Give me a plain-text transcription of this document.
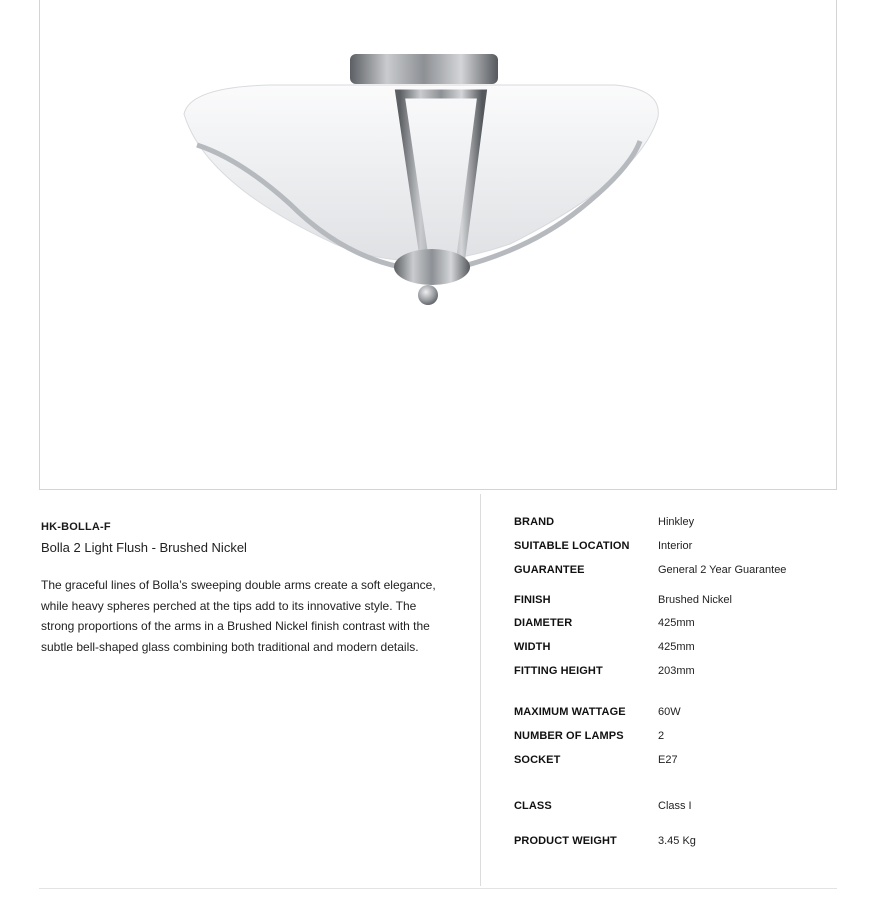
HK-BOLLA-F
Bolla 2 Light Flush - Brushed Nickel
The graceful lines of Bolla’s sweeping double arms create a soft elegance, while heavy spheres perched at the tips add to its innovative style. The strong proportions of the arms in a Brushed Nickel finish contrast with the subtle bell-shaped glass combining both traditional and modern details.
BRAND	Hinkley
SUITABLE LOCATION	Interior
GUARANTEE	General 2 Year Guarantee
FINISH	Brushed Nickel
DIAMETER	425mm
WIDTH	425mm
FITTING HEIGHT	203mm
MAXIMUM WATTAGE	60W
NUMBER OF LAMPS	2
SOCKET	E27
CLASS	Class I
PRODUCT WEIGHT	3.45 Kg
